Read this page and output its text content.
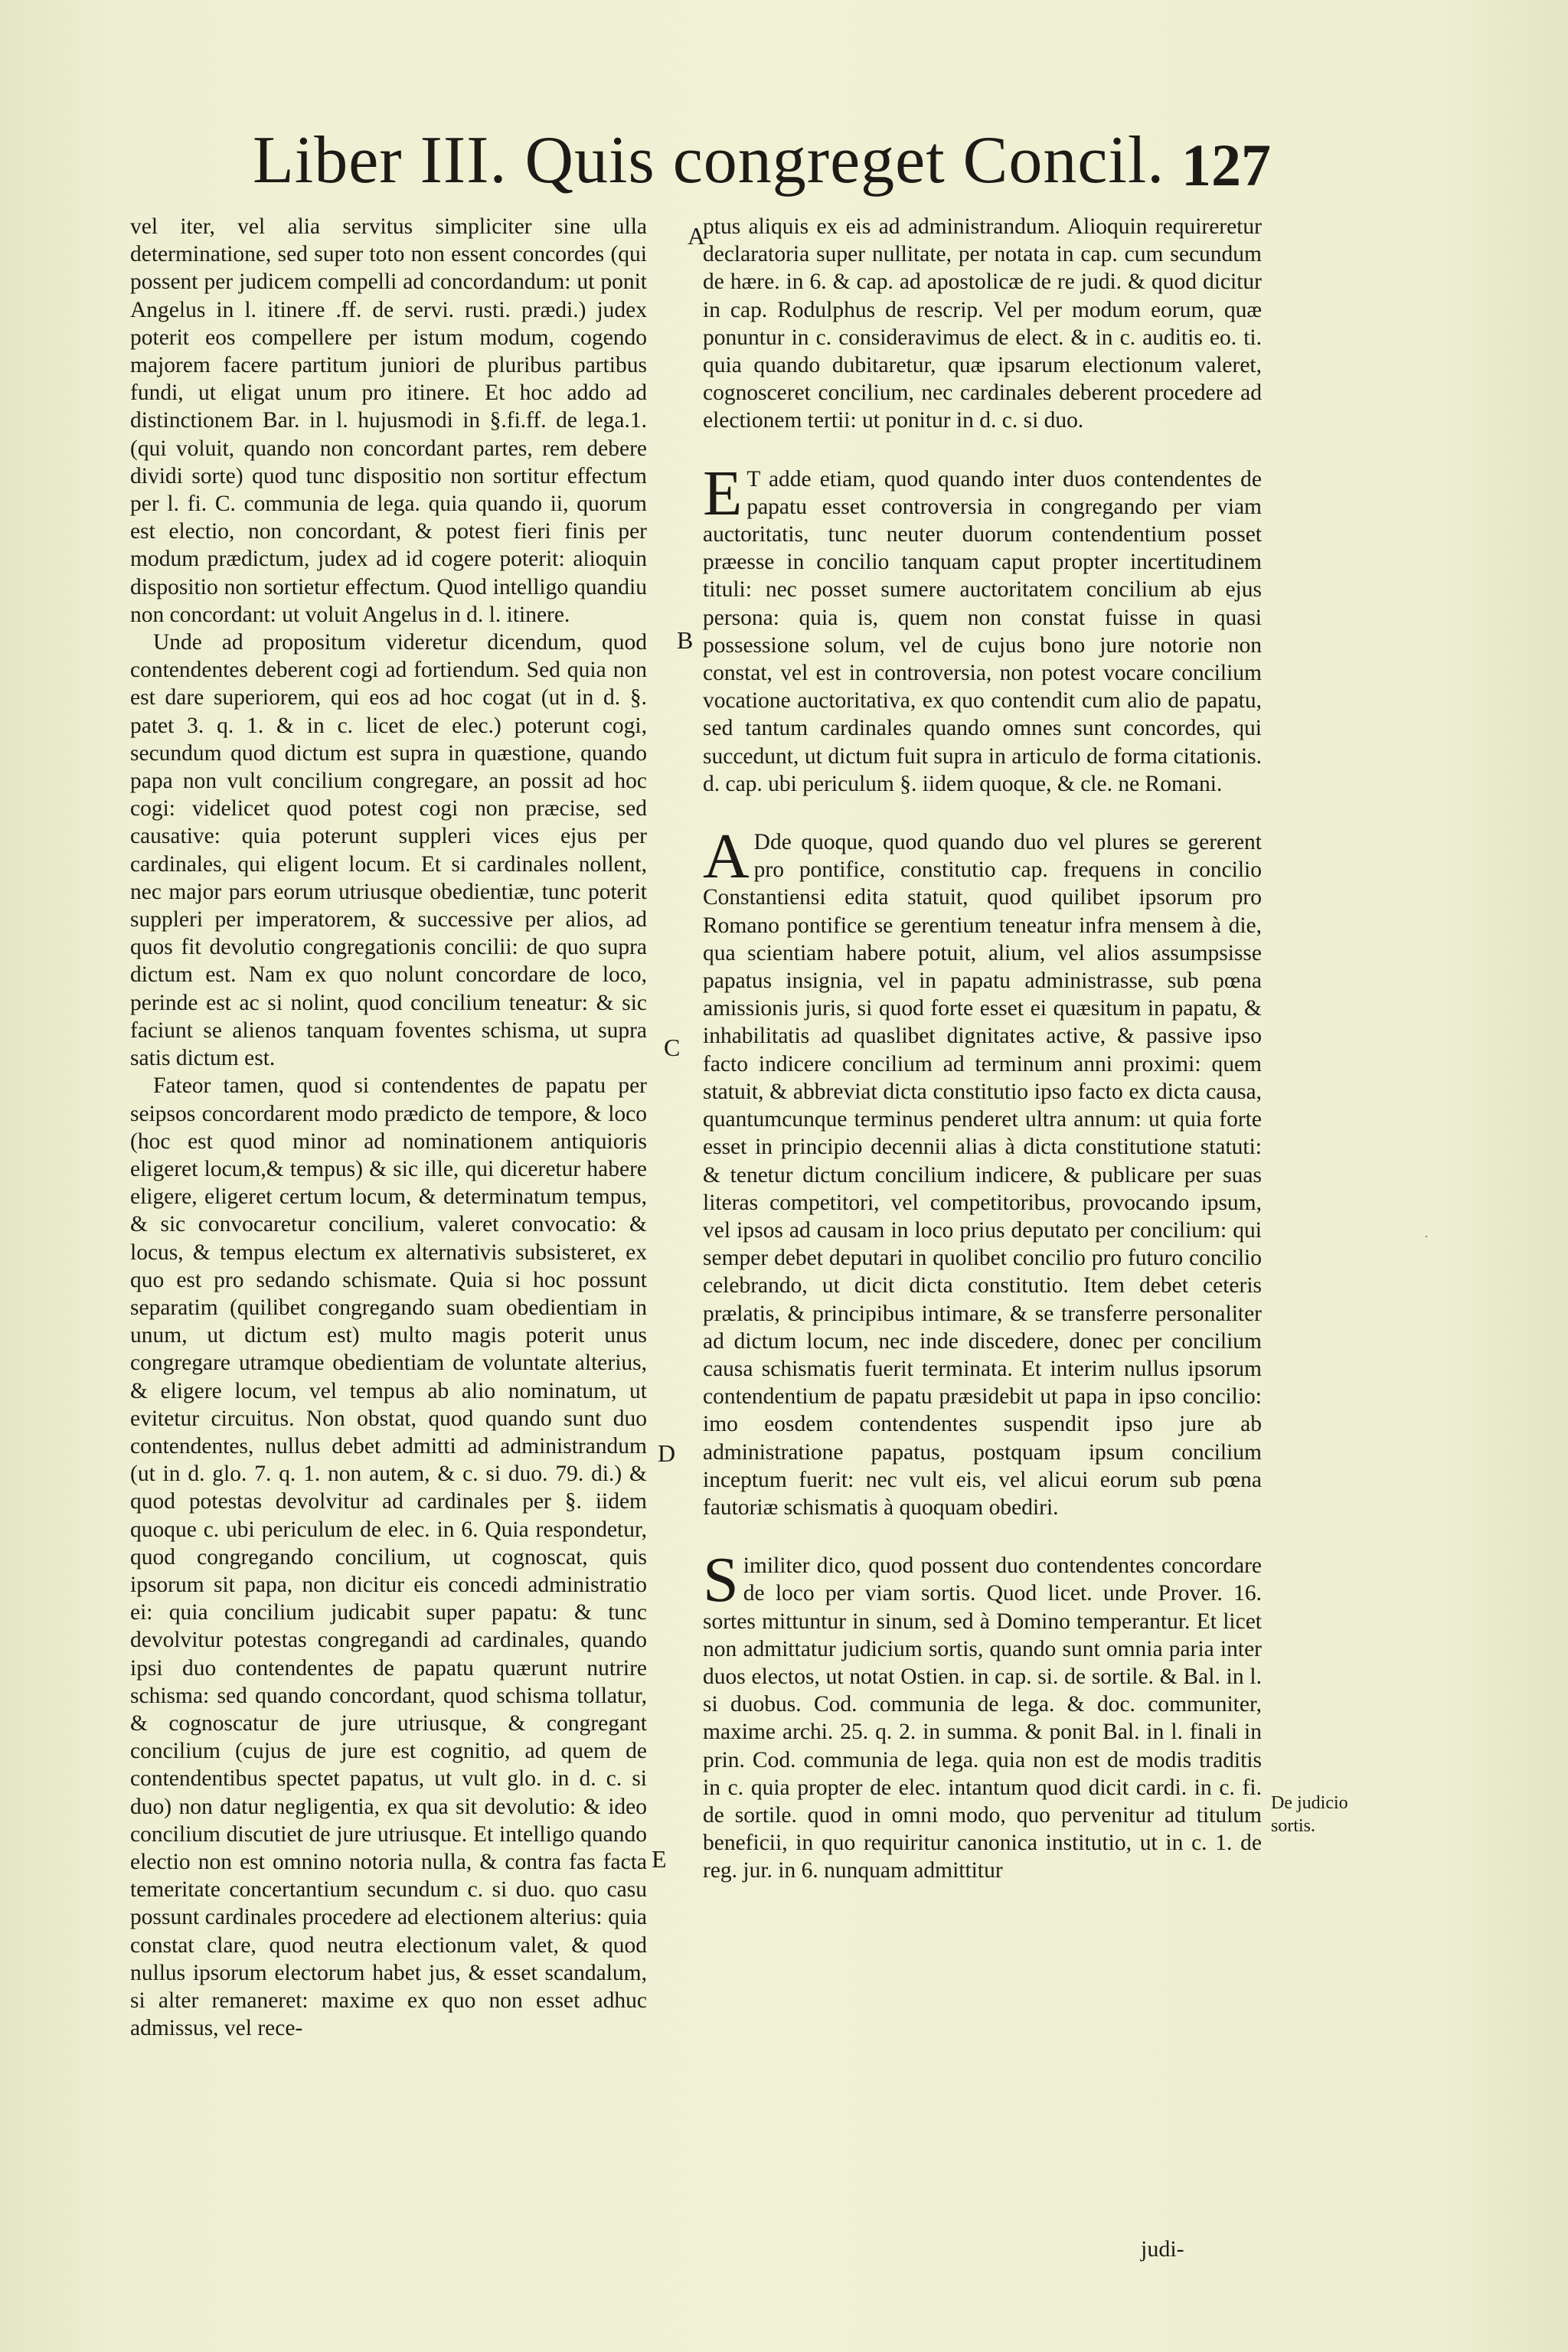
Liber III. Quis congreget Concil. 127

vel iter, vel alia servitus simpliciter sine ulla determinatione, sed super toto non essent concordes (qui possent per judicem compelli ad concordandum: ut ponit Angelus in l. itinere .ff. de servi. rusti. prædi.) judex poterit eos compellere per istum modum, cogendo majorem facere partitum juniori de pluribus partibus fundi, ut eligat unum pro itinere. Et hoc addo ad distinctionem Bar. in l. hujusmodi in §.fi.ff. de lega.1. (qui voluit, quando non concordant partes, rem debere dividi sorte) quod tunc dispositio non sortitur effectum per l. fi. C. communia de lega. quia quando ii, quorum est electio, non concordant, & potest fieri finis per modum prædictum, judex ad id cogere poterit: alioquin dispositio non sortietur effectum. Quod intelligo quandiu non concordant: ut voluit Angelus in d. l. itinere.

Unde ad propositum videretur dicendum, quod contendentes deberent cogi ad fortiendum. Sed quia non est dare superiorem, qui eos ad hoc cogat (ut in d. §. patet 3. q. 1. & in c. licet de elec.) poterunt cogi, secundum quod dictum est supra in quæstione, quando papa non vult concilium congregare, an possit ad hoc cogi: videlicet quod potest cogi non præcise, sed causative: quia poterunt suppleri vices ejus per cardinales, qui eligent locum. Et si cardinales nollent, nec major pars eorum utriusque obedientiæ, tunc poterit suppleri per imperatorem, & successive per alios, ad quos fit devolutio congregationis concilii: de quo supra dictum est. Nam ex quo nolunt concordare de loco, perinde est ac si nolint, quod concilium teneatur: & sic faciunt se alienos tanquam foventes schisma, ut supra satis dictum est.

Fateor tamen, quod si contendentes de papatu per seipsos concordarent modo prædicto de tempore, & loco (hoc est quod minor ad nominationem antiquioris eligeret locum,& tempus) & sic ille, qui diceretur habere eligere, eligeret certum locum, & determinatum tempus, & sic convocaretur concilium, valeret convocatio: & locus, & tempus electum ex alternativis subsisteret, ex quo est pro sedando schismate. Quia si hoc possunt separatim (quilibet congregando suam obedientiam in unum, ut dictum est) multo magis poterit unus congregare utramque obedientiam de voluntate alterius, & eligere locum, vel tempus ab alio nominatum, ut evitetur circuitus. Non obstat, quod quando sunt duo contendentes, nullus debet admitti ad administrandum (ut in d. glo. 7. q. 1. non autem, & c. si duo. 79. di.) & quod potestas devolvitur ad cardinales per §. iidem quoque c. ubi periculum de elec. in 6. Quia respondetur, quod congregando concilium, ut cognoscat, quis ipsorum sit papa, non dicitur eis concedi administratio ei: quia concilium judicabit super papatu: & tunc devolvitur potestas congregandi ad cardinales, quando ipsi duo contendentes de papatu quærunt nutrire schisma: sed quando concordant, quod schisma tollatur, & cognoscatur de jure utriusque, & congregant concilium (cujus de jure est cognitio, ad quem de contendentibus spectet papatus, ut vult glo. in d. c. si duo) non datur negligentia, ex qua sit devolutio: & ideo concilium discutiet de jure utriusque. Et intelligo quando electio non est omnino notoria nulla, & contra fas facta temeritate concertantium secundum c. si duo. quo casu possunt cardinales procedere ad electionem alterius: quia constat clare, quod neutra electionum valet, & quod nullus ipsorum electorum habet jus, & esset scandalum, si alter remaneret: maxime ex quo non esset adhuc admissus, vel rece-

A
B
C
D
E

ptus aliquis ex eis ad administrandum. Alioquin requireretur declaratoria super nullitate, per notata in cap. cum secundum de hære. in 6. & cap. ad apostolicæ de re judi. & quod dicitur in cap. Rodulphus de rescrip. Vel per modum eorum, quæ ponuntur in c. consideravimus de elect. & in c. auditis eo. ti. quia quando dubitaretur, quæ ipsarum electionum valeret, cognosceret concilium, nec cardinales deberent procedere ad electionem tertii: ut ponitur in d. c. si duo.

E T adde etiam, quod quando inter duos contendentes de papatu esset controversia in congregando per viam auctoritatis, tunc neuter duorum contendentium posset præesse in concilio tanquam caput propter incertitudinem tituli: nec posset sumere auctoritatem concilium ab ejus persona: quia is, quem non constat fuisse in quasi possessione solum, vel de cujus bono jure notorie non constat, vel est in controversia, non potest vocare concilium vocatione auctoritativa, ex quo contendit cum alio de papatu, sed tantum cardinales quando omnes sunt concordes, qui succedunt, ut dictum fuit supra in articulo de forma citationis. d. cap. ubi periculum §. iidem quoque, & cle. ne Romani.

A Dde quoque, quod quando duo vel plures se gererent pro pontifice, constitutio cap. frequens in concilio Constantiensi edita statuit, quod quilibet ipsorum pro Romano pontifice se gerentium teneatur infra mensem à die, qua scientiam habere potuit, alium, vel alios assumpsisse papatus insignia, vel in papatu administrasse, sub pœna amissionis juris, si quod forte esset ei quæsitum in papatu, & inhabilitatis ad quaslibet dignitates active, & passive ipso facto indicere concilium ad terminum anni proximi: quem statuit, & abbreviat dicta constitutio ipso facto ex dicta causa, quantumcunque terminus penderet ultra annum: ut quia forte esset in principio decennii alias à dicta constitutione statuti: & tenetur dictum concilium indicere, & publicare per suas literas competitori, vel competitoribus, provocando ipsum, vel ipsos ad causam in loco prius deputato per concilium: qui semper debet deputari in quolibet concilio pro futuro concilio celebrando, ut dicit dicta constitutio. Item debet ceteris prælatis, & principibus intimare, & se transferre personaliter ad dictum locum, nec inde discedere, donec per concilium causa schismatis fuerit terminata. Et interim nullus ipsorum contendentium de papatu præsidebit ut papa in ipso concilio: imo eosdem contendentes suspendit ipso jure ab administratione papatus, postquam ipsum concilium inceptum fuerit: nec vult eis, vel alicui eorum sub pœna fautoriæ schismatis à quoquam obediri.

Similiter dico, quod possent duo contendentes concordare de loco per viam sortis. Quod licet. unde Prover. 16. sortes mittuntur in sinum, sed à Domino temperantur. Et licet non admittatur judicium sortis, quando sunt omnia paria inter duos electos, ut notat Ostien. in cap. si. de sortile. & Bal. in l. si duobus. Cod. communia de lega. & doc. communiter, maxime archi. 25. q. 2. in summa. & ponit Bal. in l. finali in prin. Cod. communia de lega. quia non est de modis traditis in c. quia propter de elec. intantum quod dicit cardi. in c. fi. de sortile. quod in omni modo, quo pervenitur ad titulum beneficii, in quo requiritur canonica institutio, ut in c. 1. de reg. jur. in 6. nunquam admittitur

De judicio sortis.
judi-
·
